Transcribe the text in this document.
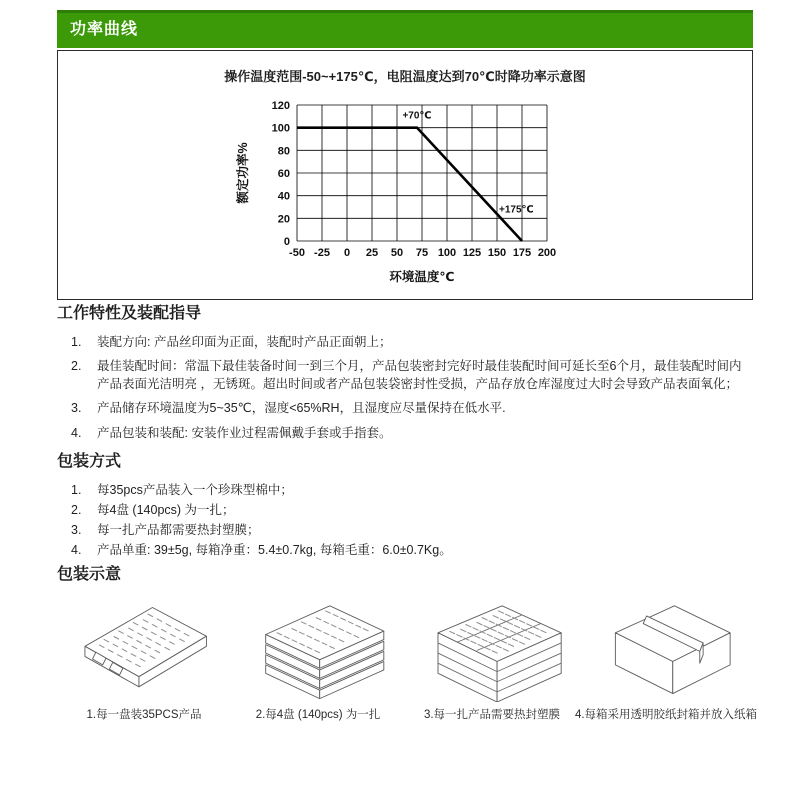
功率曲线
操作温度范围-50~+175℃，电阻温度达到70℃时降功率示意图
-50 -25 0 25 50 75 100 125 150 175 200
0
20
40
60
80
100
120
+70℃
+175℃
环境温度℃
额定功率%
工作特性及装配指导
1.	装配方向: 产品丝印面为正面，装配时产品正面朝上；
2.	最佳装配时间：常温下最佳装备时间一到三个月，产品包装密封完好时最佳装配时间可延长至6个月，最佳装配时间内产品表面光洁明亮 ，无锈斑。超出时间或者产品包装袋密封性受损，产品存放仓库湿度过大时会导致产品表面氧化；
3.	产品储存环境温度为5~35℃，湿度<65%RH，且湿度应尽量保持在低水平.
4.	产品包装和装配: 安装作业过程需佩戴手套或手指套。
包装方式
1.	每35pcs产品装入一个珍珠型棉中；
2.	每4盘 (140pcs) 为一扎；
3.	每一扎产品都需要热封塑膜；
4.	产品单重: 39±5g, 每箱净重：5.4±0.7kg, 每箱毛重：6.0±0.7Kg。
包装示意
1.每一盘装35PCS产品	2.每4盘 (140pcs) 为一扎	3.每一扎产品需要热封塑膜 4.每箱采用透明胶纸封箱并放入纸箱
